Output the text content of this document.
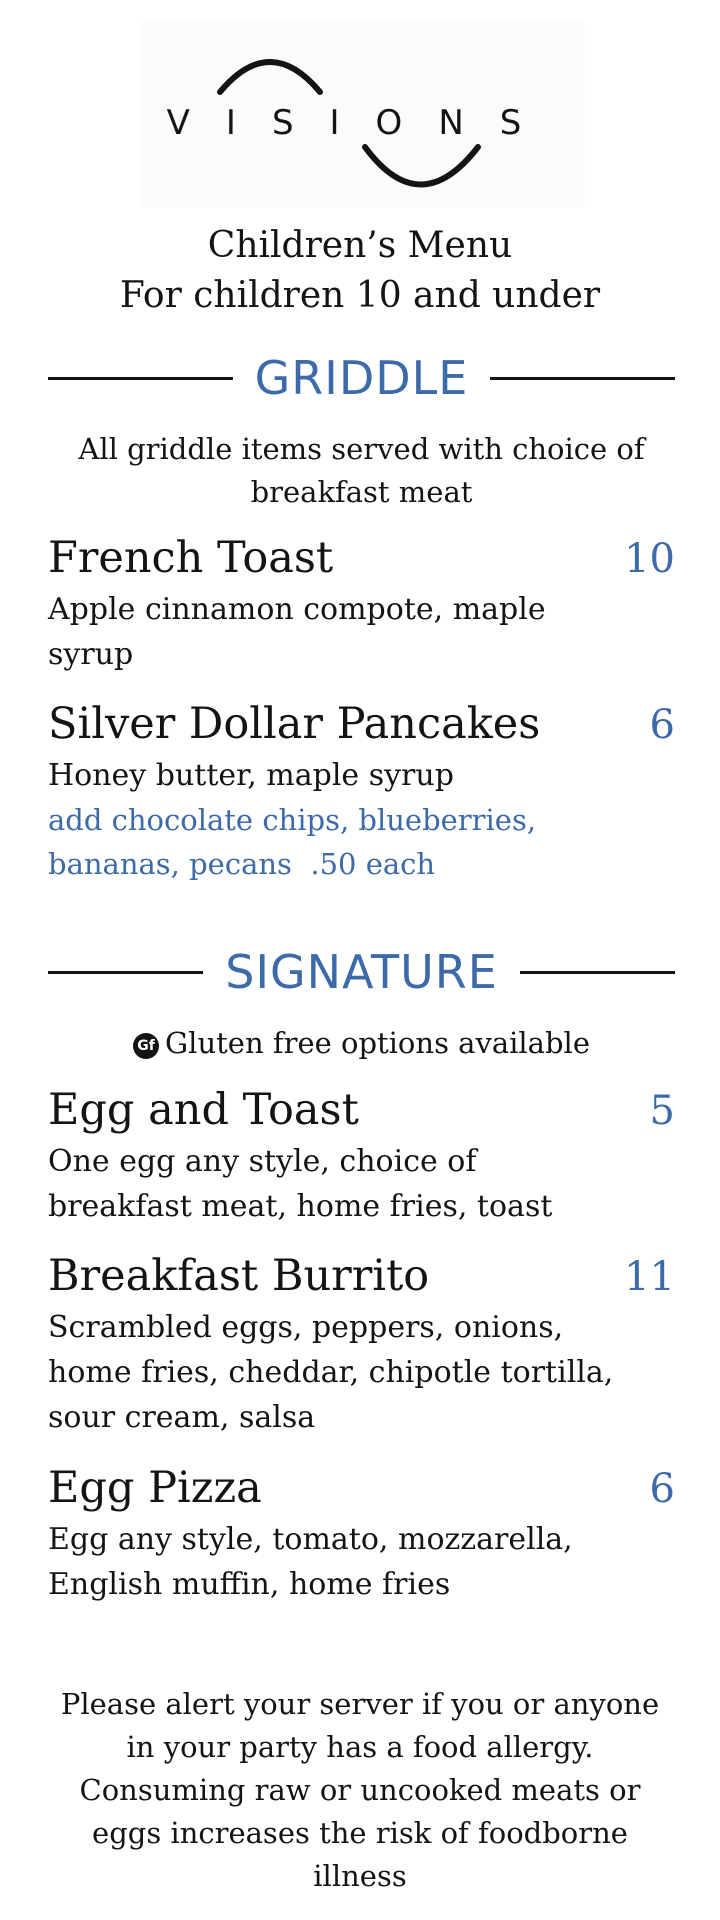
VISIONS
Children’s Menu
For children 10 and under
GRIDDLE
All griddle items served with choice of breakfast meat
French Toast	10
Apple cinnamon compote, maple syrup
Silver Dollar Pancakes	6
Honey butter, maple syrup
add chocolate chips, blueberries, bananas, pecans  .50 each
SIGNATURE
Gf Gluten free options available
Egg and Toast	5
One egg any style, choice of breakfast meat, home fries, toast
Breakfast Burrito	11
Scrambled eggs, peppers, onions, home fries, cheddar, chipotle tortilla, sour cream, salsa
Egg Pizza	6
Egg any style, tomato, mozzarella, English muffin, home fries
Please alert your server if you or anyone in your party has a food allergy. Consuming raw or uncooked meats or eggs increases the risk of foodborne illness
